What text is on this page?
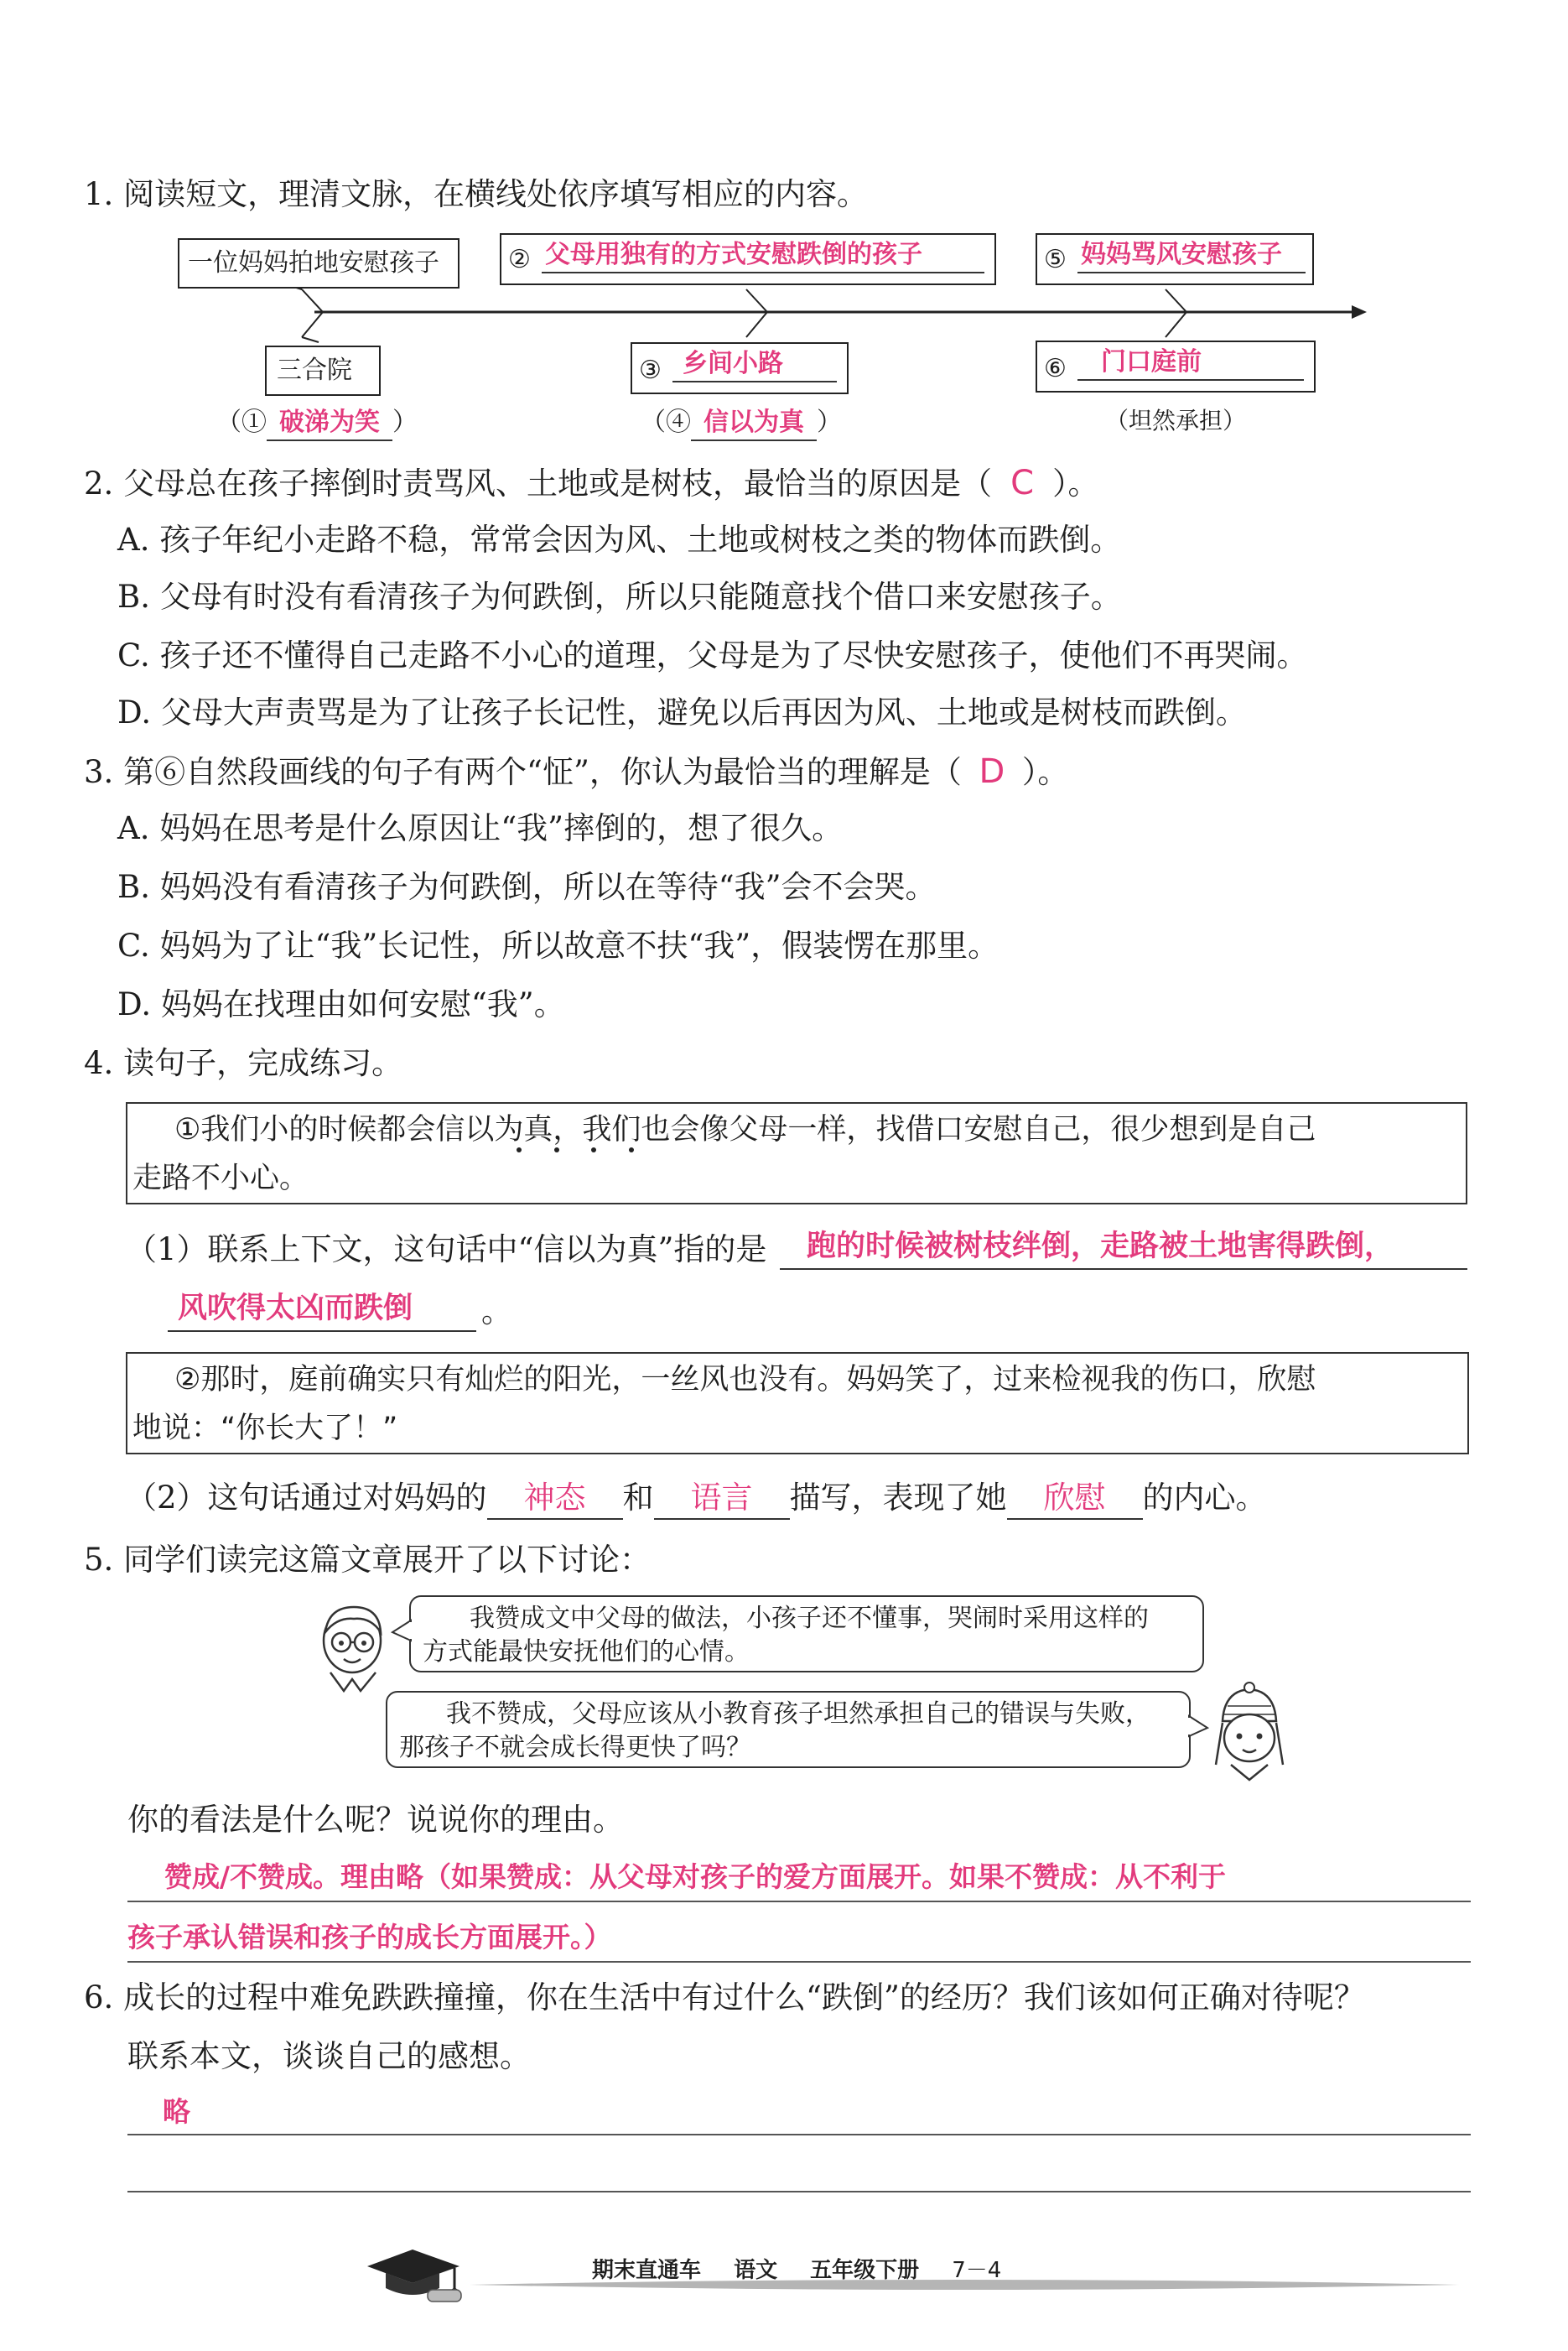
1. 阅读短文，理清文脉，在横线处依序填写相应的内容。
一位妈妈拍地安慰孩子	② 父母用独有的方式安慰跌倒的孩子	⑤ 妈妈骂风安慰孩子
三合院	③ 乡间小路	⑥ 门口庭前
（① 破涕为笑 ）	（④ 信以为真 ）	（坦然承担）
2. 父母总在孩子摔倒时责骂风、土地或是树枝，最恰当的原因是（ C ）。
A. 孩子年纪小走路不稳，常常会因为风、土地或树枝之类的物体而跌倒。
B. 父母有时没有看清孩子为何跌倒，所以只能随意找个借口来安慰孩子。
C. 孩子还不懂得自己走路不小心的道理，父母是为了尽快安慰孩子，使他们不再哭闹。
D. 父母大声责骂是为了让孩子长记性，避免以后再因为风、土地或是树枝而跌倒。
3. 第⑥自然段画线的句子有两个“怔”，你认为最恰当的理解是（ D ）。
A. 妈妈在思考是什么原因让“我”摔倒的，想了很久。
B. 妈妈没有看清孩子为何跌倒，所以在等待“我”会不会哭。
C. 妈妈为了让“我”长记性，所以故意不扶“我”，假装愣在那里。
D. 妈妈在找理由如何安慰“我”。
4. 读句子，完成练习。
①我们小的时候都会信以为真，我们也会像父母一样，找借口安慰自己，很少想到是自己
走路不小心。
（1）联系上下文，这句话中“信以为真”指的是 跑的时候被树枝绊倒，走路被土地害得跌倒，
风吹得太凶而跌倒 。
②那时，庭前确实只有灿烂的阳光，一丝风也没有。妈妈笑了，过来检视我的伤口，欣慰
地说：“你长大了！”
（2）这句话通过对妈妈的 神态 和 语言 描写，表现了她 欣慰 的内心。
5. 同学们读完这篇文章展开了以下讨论：
我赞成文中父母的做法，小孩子还不懂事，哭闹时采用这样的
方式能最快安抚他们的心情。
我不赞成，父母应该从小教育孩子坦然承担自己的错误与失败，
那孩子不就会成长得更快了吗？
你的看法是什么呢？说说你的理由。
赞成/不赞成。理由略（如果赞成：从父母对孩子的爱方面展开。如果不赞成：从不利于
孩子承认错误和孩子的成长方面展开。）
6. 成长的过程中难免跌跌撞撞，你在生活中有过什么“跌倒”的经历？我们该如何正确对待呢？
联系本文，谈谈自己的感想。
略
期末直通车 语文 五年级下册 7－4
